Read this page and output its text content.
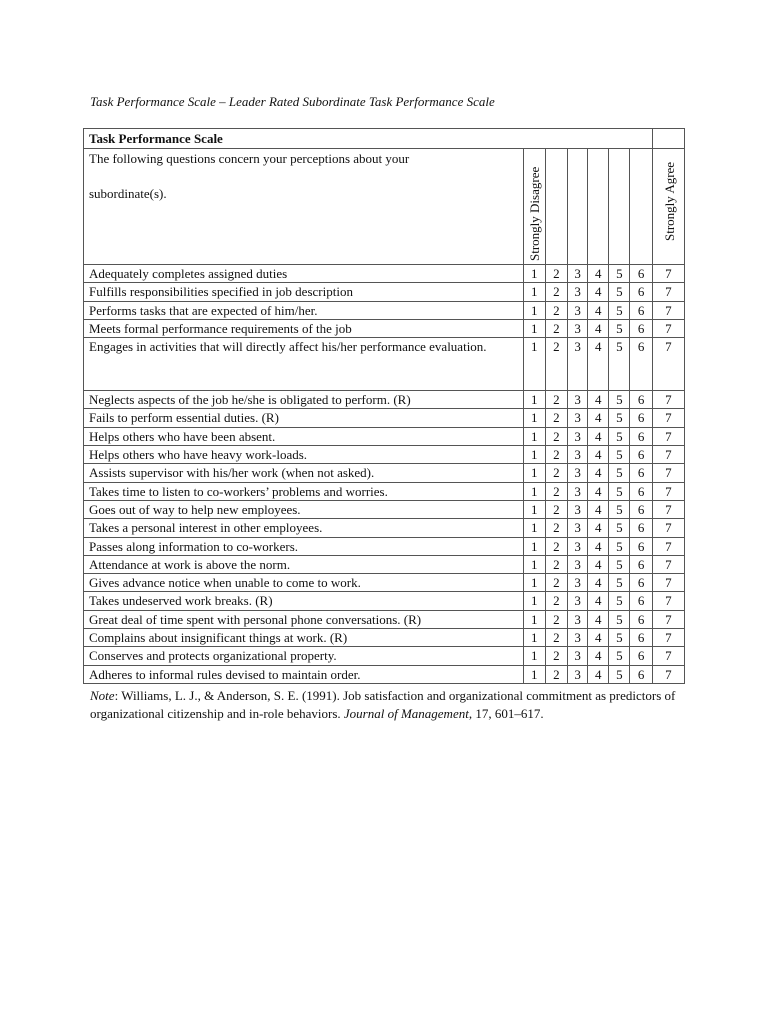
Task Performance Scale – Leader Rated Subordinate Task Performance Scale
Task Performance Scale							

The following questions concern your perceptions about your
subordinate(s).	Strongly Disagree						Strongly Agree

Adequately completes assigned duties	1	2	3	4	5	6	7
Fulfills responsibilities specified in job description	1	2	3	4	5	6	7
Performs tasks that are expected of him/her.	1	2	3	4	5	6	7
Meets formal performance requirements of the job	1	2	3	4	5	6	7

Engages in activities that will directly affect his/her performance evaluation.	1	2	3	4	5	6	7
Neglects aspects of the job he/she is obligated to perform. (R)	1	2	3	4	5	6	7
Fails to perform essential duties. (R)	1	2	3	4	5	6	7
Helps others who have been absent.	1	2	3	4	5	6	7
Helps others who have heavy work-loads.	1	2	3	4	5	6	7
Assists supervisor with his/her work (when not asked).	1	2	3	4	5	6	7
Takes time to listen to co-workers’ problems and worries.	1	2	3	4	5	6	7
Goes out of way to help new employees.	1	2	3	4	5	6	7
Takes a personal interest in other employees.	1	2	3	4	5	6	7
Passes along information to co-workers.	1	2	3	4	5	6	7
Attendance at work is above the norm.	1	2	3	4	5	6	7
Gives advance notice when unable to come to work.	1	2	3	4	5	6	7
Takes undeserved work breaks. (R)	1	2	3	4	5	6	7
Great deal of time spent with personal phone conversations. (R)	1	2	3	4	5	6	7
Complains about insignificant things at work. (R)	1	2	3	4	5	6	7
Conserves and protects organizational property.	1	2	3	4	5	6	7
Adheres to informal rules devised to maintain order.	1	2	3	4	5	6	7
Note: Williams, L. J., & Anderson, S. E. (1991). Job satisfaction and organizational commitment as predictors of organizational citizenship and in-role behaviors. Journal of Management, 17, 601–617.
